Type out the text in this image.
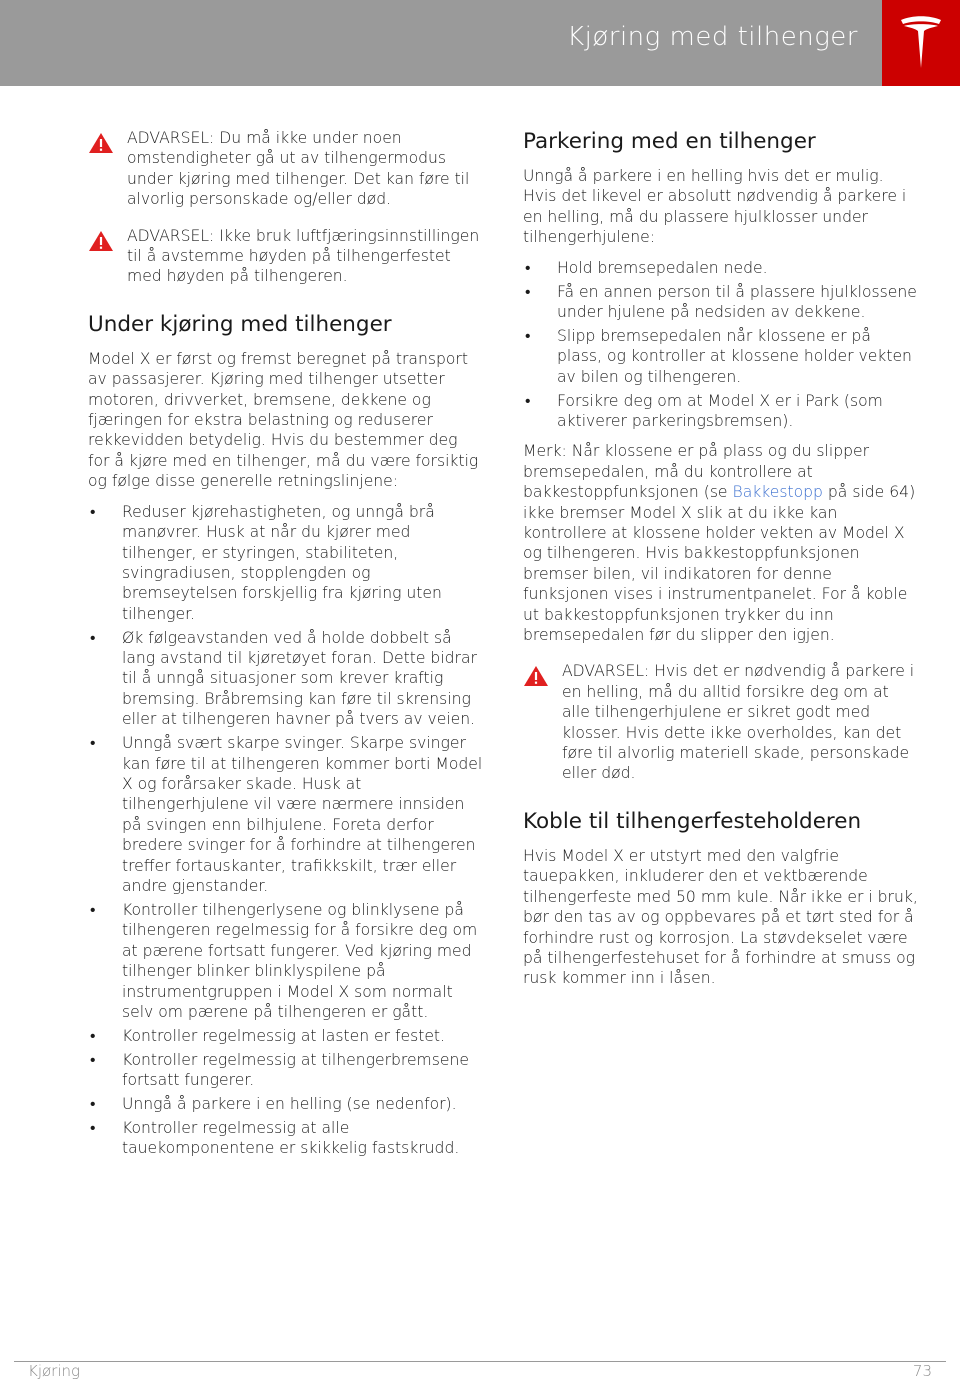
Kjøring med tilhenger

ADVARSEL: Du må ikke under noen omstendigheter gå ut av tilhengermodus under kjøring med tilhenger. Det kan føre til alvorlig personskade og/eller død.

ADVARSEL: Ikke bruk luftfjæringsinnstillingen til å avstemme høyden på tilhengerfestet med høyden på tilhengeren.

Under kjøring med tilhenger

Model X er først og fremst beregnet på transport av passasjerer. Kjøring med tilhenger utsetter motoren, drivverket, bremsene, dekkene og fjæringen for ekstra belastning og reduserer rekkevidden betydelig. Hvis du bestemmer deg for å kjøre med en tilhenger, må du være forsiktig og følge disse generelle retningslinjene:

• Reduser kjørehastigheten, og unngå brå manøvrer. Husk at når du kjører med tilhenger, er styringen, stabiliteten, svingradiusen, stopplengden og bremseytelsen forskjellig fra kjøring uten tilhenger.
• Øk følgeavstanden ved å holde dobbelt så lang avstand til kjøretøyet foran. Dette bidrar til å unngå situasjoner som krever kraftig bremsing. Bråbremsing kan føre til skrensing eller at tilhengeren havner på tvers av veien.
• Unngå svært skarpe svinger. Skarpe svinger kan føre til at tilhengeren kommer borti Model X og forårsaker skade. Husk at tilhengerhjulene vil være nærmere innsiden på svingen enn bilhjulene. Foreta derfor bredere svinger for å forhindre at tilhengeren treffer fortauskanter, trafikkskilt, trær eller andre gjenstander.
• Kontroller tilhengerlysene og blinklysene på tilhengeren regelmessig for å forsikre deg om at pærene fortsatt fungerer. Ved kjøring med tilhenger blinker blinklyspilene på instrumentgruppen i Model X som normalt selv om pærene på tilhengeren er gått.
• Kontroller regelmessig at lasten er festet.
• Kontroller regelmessig at tilhengerbremsene fortsatt fungerer.
• Unngå å parkere i en helling (se nedenfor).
• Kontroller regelmessig at alle tauekomponentene er skikkelig fastskrudd.
Parkering med en tilhenger

Unngå å parkere i en helling hvis det er mulig. Hvis det likevel er absolutt nødvendig å parkere i en helling, må du plassere hjulklosser under tilhengerhjulene:

• Hold bremsepedalen nede.
• Få en annen person til å plassere hjulklossene under hjulene på nedsiden av dekkene.
• Slipp bremsepedalen når klossene er på plass, og kontroller at klossene holder vekten av bilen og tilhengeren.
• Forsikre deg om at Model X er i Park (som aktiverer parkeringsbremsen).

Merk: Når klossene er på plass og du slipper bremsepedalen, må du kontrollere at bakkestoppfunksjonen (se Bakkestopp på side 64) ikke bremser Model X slik at du ikke kan kontrollere at klossene holder vekten av Model X og tilhengeren. Hvis bakkestoppfunksjonen bremser bilen, vil indikatoren for denne funksjonen vises i instrumentpanelet. For å koble ut bakkestoppfunksjonen trykker du inn bremsepedalen før du slipper den igjen.

ADVARSEL: Hvis det er nødvendig å parkere i en helling, må du alltid forsikre deg om at alle tilhengerhjulene er sikret godt med klosser. Hvis dette ikke overholdes, kan det føre til alvorlig materiell skade, personskade eller død.

Koble til tilhengerfesteholderen

Hvis Model X er utstyrt med den valgfrie tauepakken, inkluderer den et vektbærende tilhengerfeste med 50 mm kule. Når ikke er i bruk, bør den tas av og oppbevares på et tørt sted for å forhindre rust og korrosjon. La støvdekselet være på tilhengerfestehuset for å forhindre at smuss og rusk kommer inn i låsen.

Kjøring	73
